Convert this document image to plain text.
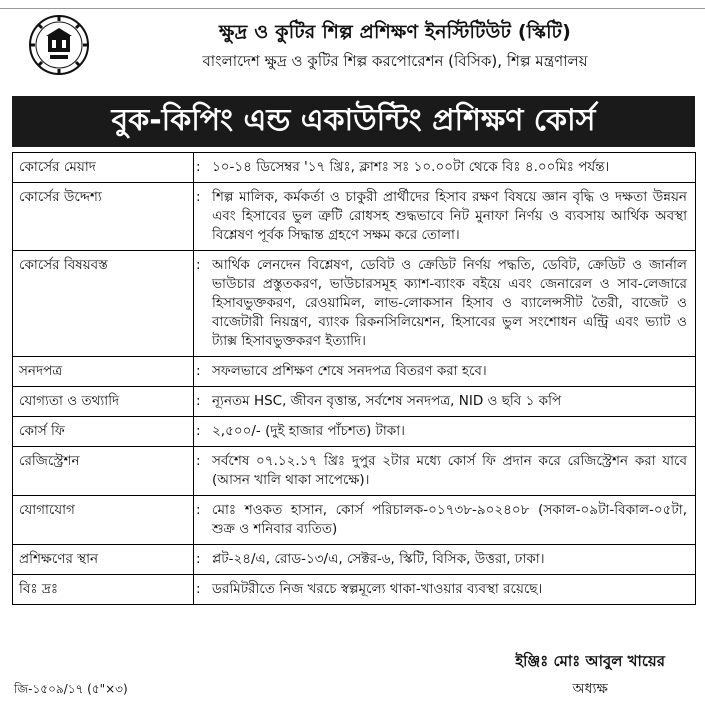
ক্ষুদ্র ও কুটির শিল্প প্রশিক্ষণ ইনস্টিটিউট (স্কিটি)
বাংলাদেশ ক্ষুদ্র ও কুটির শিল্প করপোরেশন (বিসিক), শিল্প মন্ত্রণালয়
বুক-কিপিং এন্ড একাউন্টিং প্রশিক্ষণ কোর্স
কোর্সের মেয়াদ	: ১০-১৪ ডিসেম্বর '১৭ খ্রিঃ, ক্লাশঃ সঃ ১০.০০টা থেকে বিঃ ৪.০০মিঃ পর্যন্ত।
কোর্সের উদ্দেশ্য	: শিল্প মালিক, কর্মকর্তা ও চাকুরী প্রার্থীদের হিসাব রক্ষণ বিষয়ে জ্ঞান বৃদ্ধি ও দক্ষতা উন্নয়ন এবং হিসাবের ভুল ত্রুটি রোধসহ শুদ্ধভাবে নিট মুনাফা নির্ণয় ও ব্যবসায় আর্থিক অবস্থা বিশ্লেষণ পূর্বক সিদ্ধান্ত গ্রহণে সক্ষম করে তোলা।
কোর্সের বিষয়বস্ত	: আর্থিক লেনদেন বিশ্লেষণ, ডেবিট ও ক্রেডিট নির্ণয় পদ্ধতি, ডেবিট, ক্রেডিট ও জার্নাল ভাউচার প্রস্তুতকরণ, ভাউচারসমূহ ক্যাশ-ব্যাংক বইয়ে এবং জেনারেল ও সাব-লেজারে হিসাবভুক্তকরণ, রেওয়ামিল, লাভ-লোকসান হিসাব ও ব্যালেন্সসীট তৈরী, বাজেট ও বাজেটারী নিয়ন্ত্রণ, ব্যাংক রিকনসিলিয়েশন, হিসাবের ভুল সংশোধন এন্ট্রি এবং ভ্যাট ও ট্যাক্স হিসাবভুক্তকরণ ইত্যাদি।
সনদপত্র	: সফলভাবে প্রশিক্ষণ শেষে সনদপত্র বিতরণ করা হবে।
যোগ্যতা ও তথ্যাদি	: ন্যূনতম HSC, জীবন বৃত্তান্ত, সর্বশেষ সনদপত্র, NID ও ছবি ১ কপি
কোর্স ফি	: ২,৫০০/- (দুই হাজার পাঁচশত) টাকা।
রেজিস্ট্রেশন	: সর্বশেষ ০৭.১২.১৭ খ্রিঃ দুপুর ২টার মধ্যে কোর্স ফি প্রদান করে রেজিস্ট্রেশন করা যাবে (আসন খালি থাকা সাপেক্ষে)।
যোগাযোগ	: মোঃ শওকত হাসান, কোর্স পরিচালক-০১৭৩৮-৯০২৪০৮ (সকাল-০৯টা-বিকাল-০৫টা, শুক্র ও শনিবার ব্যতিত)
প্রশিক্ষণের স্থান	: প্লট-২৪/এ, রোড-১৩/এ, সেক্টর-৬, স্কিটি, বিসিক, উত্তরা, ঢাকা।
বিঃ দ্রঃ	: ডরমিটরীতে নিজ খরচে স্বল্পমূল্যে থাকা-খাওয়ার ব্যবস্থা রয়েছে।
ইঞ্জিঃ মোঃ আবুল খায়ের
অধ্যক্ষ
জি-১৫০৯/১৭ (৫"×৩)
